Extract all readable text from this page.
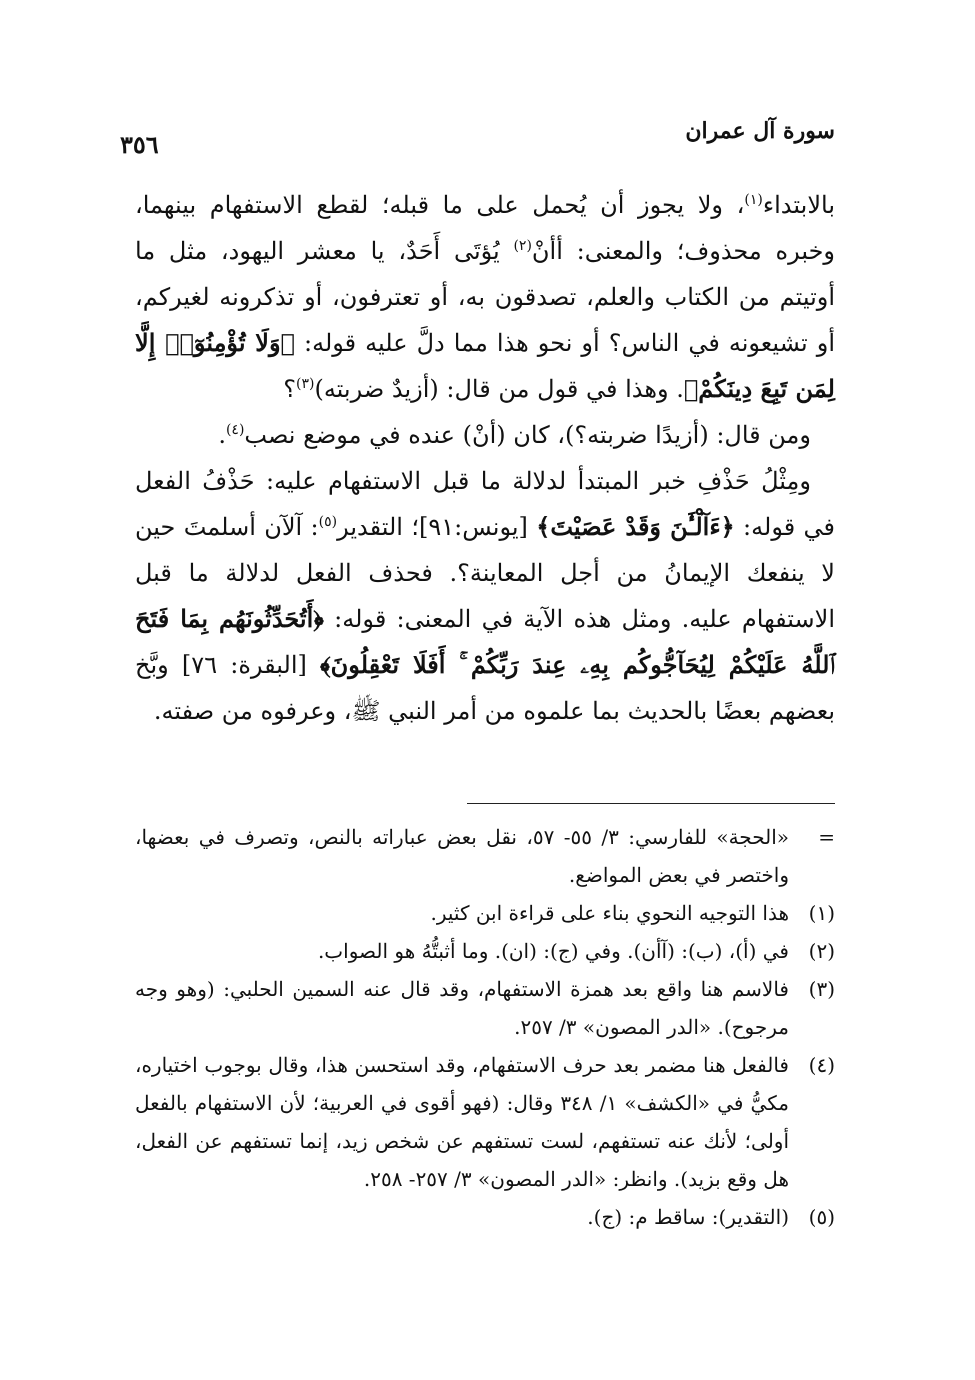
سورة آل عمران
٣٥٦

بالابتداء$^{(١)}$، ولا يجوز أن يُحمل على ما قبله؛ لقطع الاستفهام بينهما، وخبره محذوف؛ والمعنى: أأنْ$^{(٢)}$ يُؤتَى أَحَدٌ، يا معشر اليهود، مثل ما أوتيتم من الكتاب والعلم، تصدقون به، أو تعترفون، أو تذكرونه لغيركم، أو تشيعونه في الناس؟ أو نحو هذا مما دلَّ عليه قوله: ﴿وَلَا تُؤْمِنُوٓا۟ إِلَّا لِمَن تَبِعَ دِينَكُمْ﴾. وهذا في قول من قال: (أزيدٌ ضربته)$^{(٣)}$؟

ومن قال: (أزيدًا ضربته؟)، كان (أنْ) عنده في موضع نصب$^{(٤)}$.

ومِثْلُ حَذْفِ خبر المبتدأ لدلالة ما قبل الاستفهام عليه: حَذْفُ الفعل في قوله: ﴿ءَآلْـَٰٔنَ وَقَدْ عَصَيْتَ﴾ [يونس:٩١]؛ التقدير$^{(٥)}$: آلآن أسلمتَ حين لا ينفعك الإيمانُ من أجل المعاينة؟. فحذف الفعل لدلالة ما قبل الاستفهام عليه. ومثل هذه الآية في المعنى: قوله: ﴿أَتُحَدِّثُونَهُم بِمَا فَتَحَ ٱللَّهُ عَلَيْكُمْ لِيُحَآجُّوكُم بِهِۦ عِندَ رَبِّكُمْ ۚ أَفَلَا تَعْقِلُونَ﴾ [البقرة: ٧٦] وبَّخ بعضهم بعضًا بالحديث بما علموه من أمر النبي ﷺ، وعرفوه من صفته.

=
«الحجة» للفارسي: ٣/ ٥٥- ٥٧، نقل بعض عباراته بالنص، وتصرف في بعضها، واختصر في بعض المواضع.
(١)
هذا التوجيه النحوي بناء على قراءة ابن كثير.
(٢)
في (أ)، (ب): (آأن). وفي (ج): (ان). وما أثبتُّهُ هو الصواب.
(٣)
فالاسم هنا واقع بعد همزة الاستفهام، وقد قال عنه السمين الحلبي: (وهو وجه مرجوح). «الدر المصون» ٣/ ٢٥٧.
(٤)
فالفعل هنا مضمر بعد حرف الاستفهام، وقد استحسن هذا، وقال بوجوب اختياره، مكيُّ في «الكشف» ١/ ٣٤٨ وقال: (فهو أقوى في العربية؛ لأن الاستفهام بالفعل أولى؛ لأنك عنه تستفهم، لست تستفهم عن شخص زيد، إنما تستفهم عن الفعل، هل وقع بزيد). وانظر: «الدر المصون» ٣/ ٢٥٧- ٢٥٨.
(٥)
(التقدير): ساقط م: (ج).
